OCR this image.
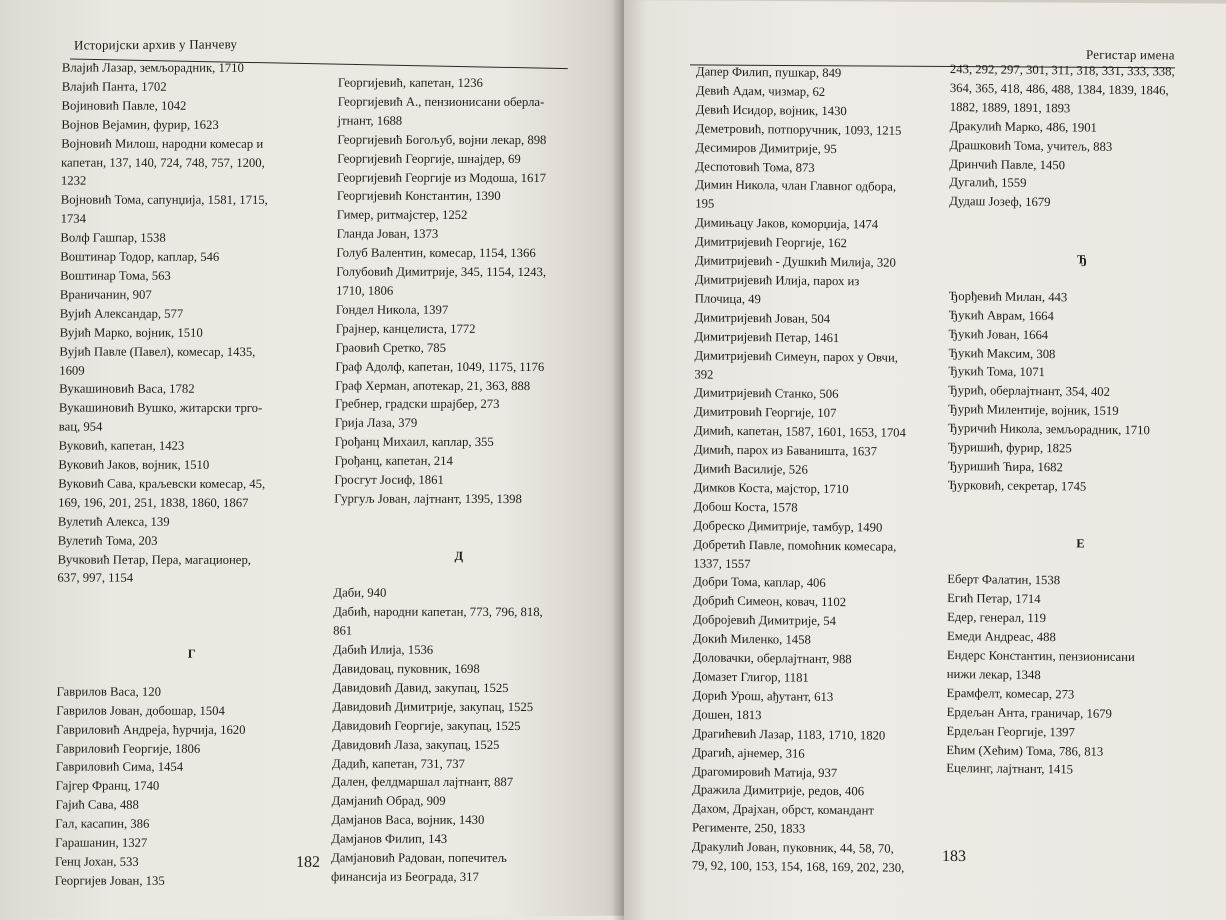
Историјски архив у Панчеву
Влајић Лазар, земљорадник, 1710
Влајић Панта, 1702
Војиновић Павле, 1042
Војнов Вејамин, фурир, 1623
Војновић Милош, народни комесар и
капетан, 137, 140, 724, 748, 757, 1200,
1232
Војновић Тома, сапунџија, 1581, 1715,
1734
Волф Гашпар, 1538
Воштинар Тодор, каплар, 546
Воштинар Тома, 563
Враничанин, 907
Вујић Александар, 577
Вујић Марко, војник, 1510
Вујић Павле (Павел), комесар, 1435,
1609
Вукашиновић Васа, 1782
Вукашиновић Вушко, житарски трго-
вац, 954
Вуковић, капетан, 1423
Вуковић Јаков, војник, 1510
Вуковић Сава, краљевски комесар, 45,
169, 196, 201, 251, 1838, 1860, 1867
Вулетић Алекса, 139
Вулетић Тома, 203
Вучковић Петар, Пера, магационер,
637, 997, 1154
Г
Гаврилов Васа, 120
Гаврилов Јован, добошар, 1504
Гавриловић Андреја, ћурчија, 1620
Гавриловић Георгије, 1806
Гавриловић Сима, 1454
Гајгер Франц, 1740
Гајић Сава, 488
Гал, касапин, 386
Гарашанин, 1327
Генц Јохан, 533
Георгијев Јован, 135
Георгијевић, капетан, 1236
Георгијевић А., пензионисани оберла-
јтнант, 1688
Георгијевић Богољуб, војни лекар, 898
Георгијевић Георгије, шнајдер, 69
Георгијевић Георгије из Модоша, 1617
Георгијевић Константин, 1390
Гимер, ритмајстер, 1252
Гланда Јован, 1373
Голуб Валентин, комесар, 1154, 1366
Голубовић Димитрије, 345, 1154, 1243,
1710, 1806
Гондел Никола, 1397
Грајнер, канцелиста, 1772
Граовић Сретко, 785
Граф Адолф, капетан, 1049, 1175, 1176
Граф Херман, апотекар, 21, 363, 888
Гребнер, градски шрајбер, 273
Грија Лаза, 379
Грођанц Михаил, каплар, 355
Грођанц, капетан, 214
Гросгут Јосиф, 1861
Гургуљ Јован, лајтнант, 1395, 1398
Д
Даби, 940
Дабић, народни капетан, 773, 796, 818,
861
Дабић Илија, 1536
Давидовац, пуковник, 1698
Давидовић Давид, закупац, 1525
Давидовић Димитрије, закупац, 1525
Давидовић Георгије, закупац, 1525
Давидовић Лаза, закупац, 1525
Дадић, капетан, 731, 737
Дален, фелдмаршал лајтнант, 887
Дамјанић Обрад, 909
Дамјанов Васа, војник, 1430
Дамјанов Филип, 143
Дамјановић Радован, попечитељ
финансија из Београда, 317
182
Регистар имена
Дапер Филип, пушкар, 849
Девић Адам, чизмар, 62
Девић Исидор, војник, 1430
Деметровић, потпоручник, 1093, 1215
Десимиров Димитрије, 95
Деспотовић Тома, 873
Димин Никола, члан Главног одбора,
195
Димињацу Јаков, коморџија, 1474
Димитријевић Георгије, 162
Димитријевић - Душкић Милија, 320
Димитријевић Илија, парох из
Плочица, 49
Димитријевић Јован, 504
Димитријевић Петар, 1461
Димитријевић Симеун, парох у Овчи,
392
Димитријевић Станко, 506
Димитровић Георгије, 107
Димић, капетан, 1587, 1601, 1653, 1704
Димић, парох из Баваништа, 1637
Димић Василије, 526
Димков Коста, мајстор, 1710
Добош Коста, 1578
Добреско Димитрије, тамбур, 1490
Добретић Павле, помоћник комесара,
1337, 1557
Добри Тома, каплар, 406
Добрић Симеон, ковач, 1102
Добројевић Димитрије, 54
Докић Миленко, 1458
Доловачки, оберлајтнант, 988
Домазет Глигор, 1181
Дорић Урош, ађутант, 613
Дошен, 1813
Драгићевић Лазар, 1183, 1710, 1820
Драгић, ајнемер, 316
Драгомировић Матија, 937
Дражила Димитрије, редов, 406
Дахом, Драјхан, обрст, командант
Регименте, 250, 1833
Дракулић Јован, пуковник, 44, 58, 70,
79, 92, 100, 153, 154, 168, 169, 202, 230,
243, 292, 297, 301, 311, 318, 331, 333, 338,
364, 365, 418, 486, 488, 1384, 1839, 1846,
1882, 1889, 1891, 1893
Дракулић Марко, 486, 1901
Драшковић Тома, учитељ, 883
Дринчић Павле, 1450
Дугалић, 1559
Дудаш Јозеф, 1679
Ђ
Ђорђевић Милан, 443
Ђукић Аврам, 1664
Ђукић Јован, 1664
Ђукић Максим, 308
Ђукић Тома, 1071
Ђурић, оберлајтнант, 354, 402
Ђурић Милентије, војник, 1519
Ђуричић Никола, земљорадник, 1710
Ђуришић, фурир, 1825
Ђуришић Ћира, 1682
Ђурковић, секретар, 1745
Е
Еберт Фалатин, 1538
Егић Петар, 1714
Едер, генерал, 119
Емеди Андреас, 488
Ендерс Константин, пензионисани
нижи лекар, 1348
Ерамфелт, комесар, 273
Ердељан Анта, граничар, 1679
Ердељан Георгије, 1397
Ећим (Хећим) Тома, 786, 813
Ецелинг, лајтнант, 1415
183
